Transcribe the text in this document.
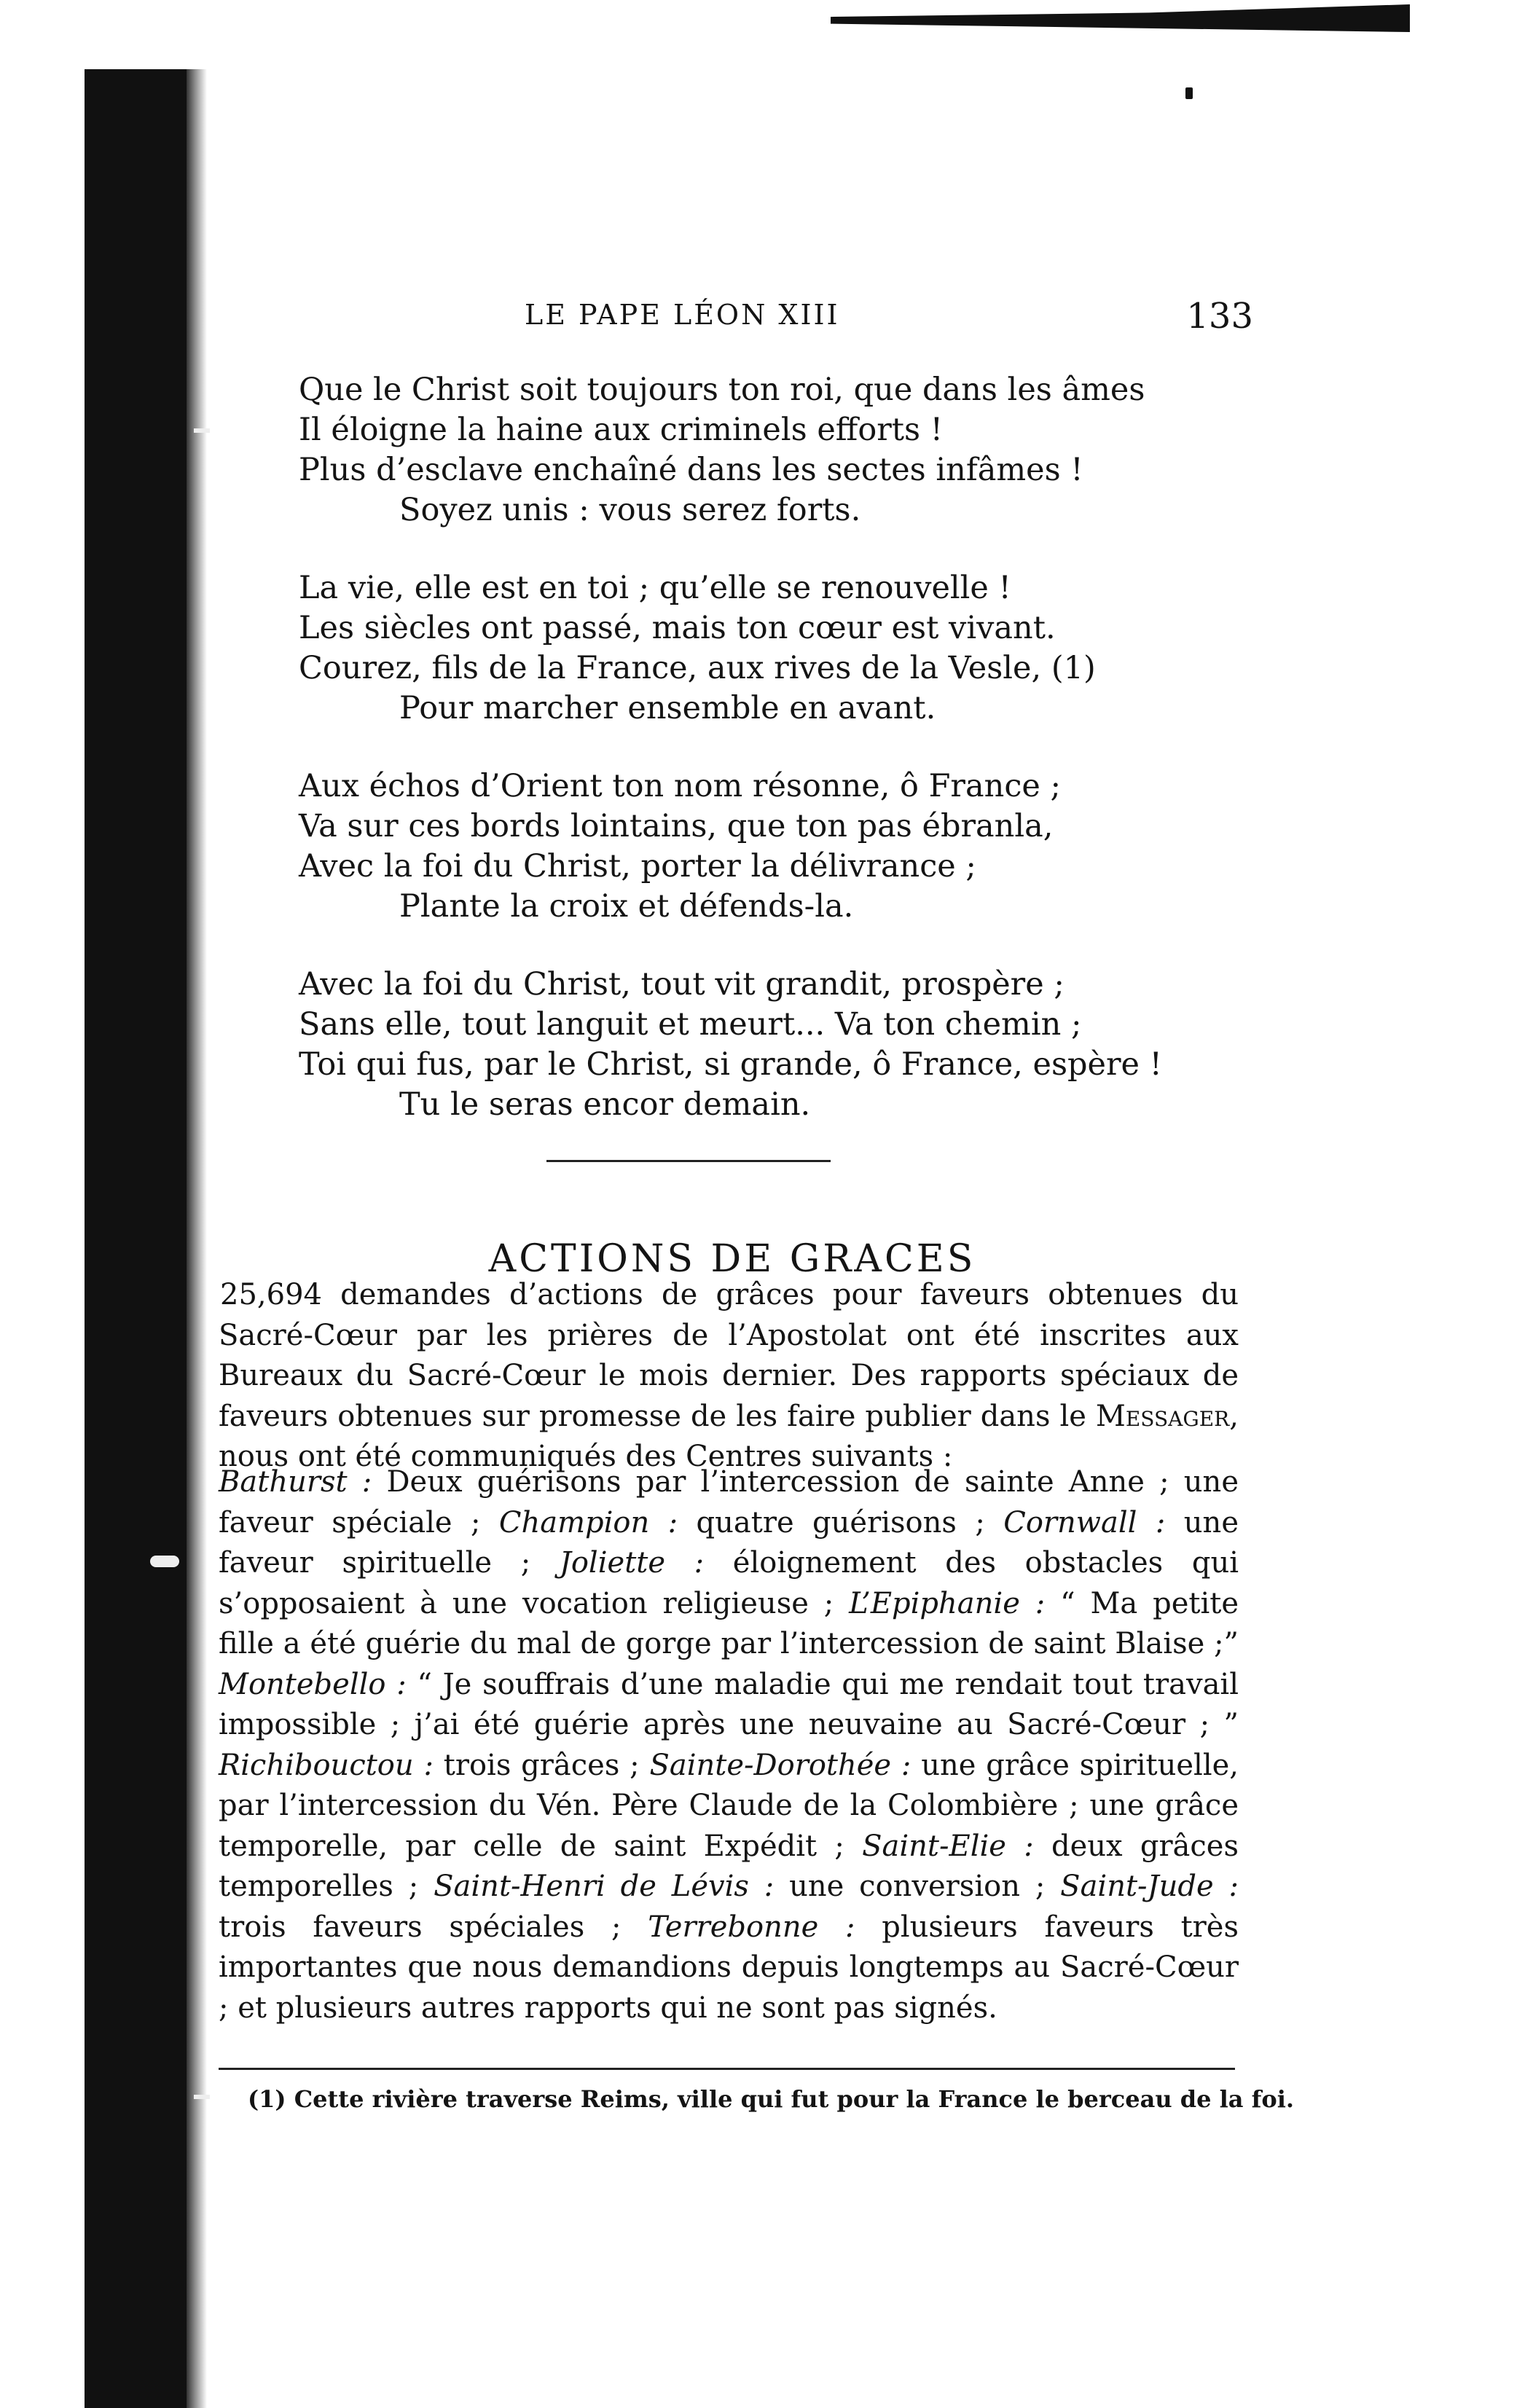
LE PAPE LÉON XIII	133
Que le Christ soit toujours ton roi, que dans les âmes
Il éloigne la haine aux criminels efforts !
Plus d’esclave enchaîné dans les sectes infâmes !
Soyez unis : vous serez forts.
La vie, elle est en toi ; qu’elle se renouvelle !
Les siècles ont passé, mais ton cœur est vivant.
Courez, fils de la France, aux rives de la Vesle, (1)
Pour marcher ensemble en avant.
Aux échos d’Orient ton nom résonne, ô France ;
Va sur ces bords lointains, que ton pas ébranla,
Avec la foi du Christ, porter la délivrance ;
Plante la croix et défends-la.
Avec la foi du Christ, tout vit grandit, prospère ;
Sans elle, tout languit et meurt... Va ton chemin ;
Toi qui fus, par le Christ, si grande, ô France, espère !
Tu le seras encor demain.
ACTIONS DE GRACES

25,694 demandes d’actions de grâces pour faveurs obtenues du Sacré-Cœur par les prières de l’Apostolat ont été inscrites aux Bureaux du Sacré-Cœur le mois dernier. Des rapports spéciaux de faveurs obtenues sur promesse de les faire publier dans le Messager, nous ont été communiqués des Centres suivants :

Bathurst : Deux guérisons par l’intercession de sainte Anne ; une faveur spéciale ; Champion : quatre guérisons ; Cornwall : une faveur spirituelle ; Joliette : éloignement des obstacles qui s’opposaient à une vocation religieuse ; L’Epiphanie : “ Ma petite fille a été guérie du mal de gorge par l’intercession de saint Blaise ;” Montebello : “ Je souffrais d’une maladie qui me rendait tout travail impossible ; j’ai été guérie après une neuvaine au Sacré-Cœur ; ” Richibouctou : trois grâces ; Sainte-Dorothée : une grâce spirituelle, par l’intercession du Vén. Père Claude de la Colombière ; une grâce temporelle, par celle de saint Expédit ; Saint-Elie : deux grâces temporelles ; Saint-Henri de Lévis : une conversion ; Saint-Jude : trois faveurs spéciales ; Terrebonne : plusieurs faveurs très importantes que nous demandions depuis longtemps au Sacré-Cœur ; et plusieurs autres rapports qui ne sont pas signés.

(1) Cette rivière traverse Reims, ville qui fut pour la France le berceau de la foi.
